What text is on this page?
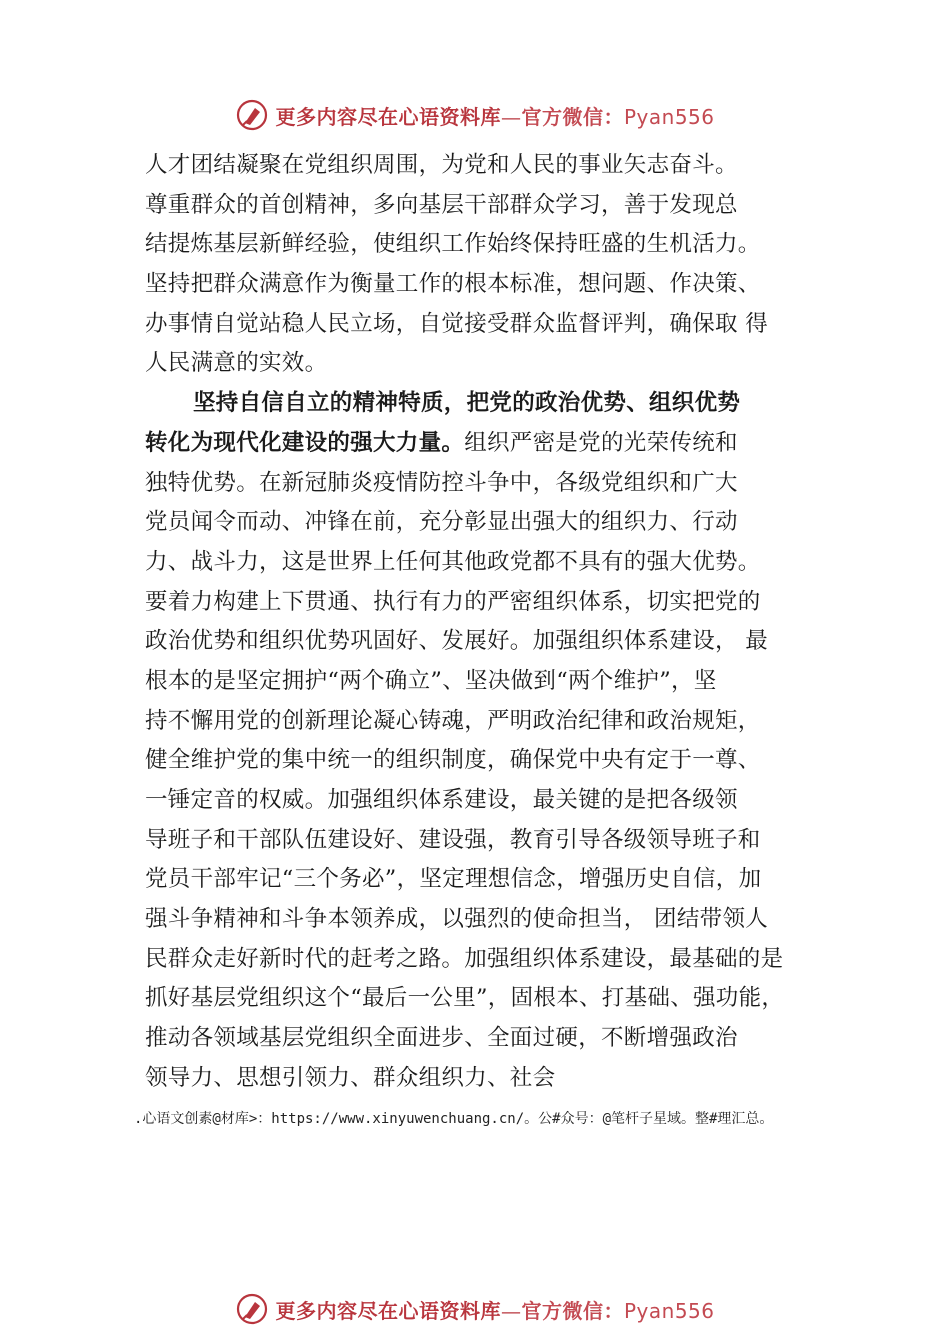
更多内容尽在心语资料库—官方微信：Pyan556
人才团结凝聚在党组织周围，为党和人民的事业矢志奋斗。
尊重群众的首创精神，多向基层干部群众学习，善于发现总
结提炼基层新鲜经验，使组织工作始终保持旺盛的生机活力。
坚持把群众满意作为衡量工作的根本标准，想问题、作决策、
办事情自觉站稳人民立场，自觉接受群众监督评判，确保取 得
人民满意的实效。
坚持自信自立的精神特质，把党的政治优势、组织优势
转化为现代化建设的强大力量。组织严密是党的光荣传统和
独特优势。在新冠肺炎疫情防控斗争中，各级党组织和广大
党员闻令而动、冲锋在前，充分彰显出强大的组织力、行动
力、战斗力，这是世界上任何其他政党都不具有的强大优势。
要着力构建上下贯通、执行有力的严密组织体系，切实把党的
政治优势和组织优势巩固好、发展好。加强组织体系建设， 最
根本的是坚定拥护“两个确立”、坚决做到“两个维护”，坚
持不懈用党的创新理论凝心铸魂，严明政治纪律和政治规矩，
健全维护党的集中统一的组织制度，确保党中央有定于一尊、
一锤定音的权威。加强组织体系建设，最关键的是把各级领
导班子和干部队伍建设好、建设强，教育引导各级领导班子和
党员干部牢记“三个务必”，坚定理想信念，增强历史自信，加
强斗争精神和斗争本领养成，以强烈的使命担当， 团结带领人
民群众走好新时代的赶考之路。加强组织体系建设，最基础的是
抓好基层党组织这个“最后一公里”，固根本、打基础、强功能，
推动各领域基层党组织全面进步、全面过硬，不断增强政治
领导力、思想引领力、群众组织力、社会
.心语文创素@材库>：https://www.xinyuwenchuang.cn/。公#众号：@笔杆子星域。整#理汇总。
更多内容尽在心语资料库—官方微信：Pyan556
